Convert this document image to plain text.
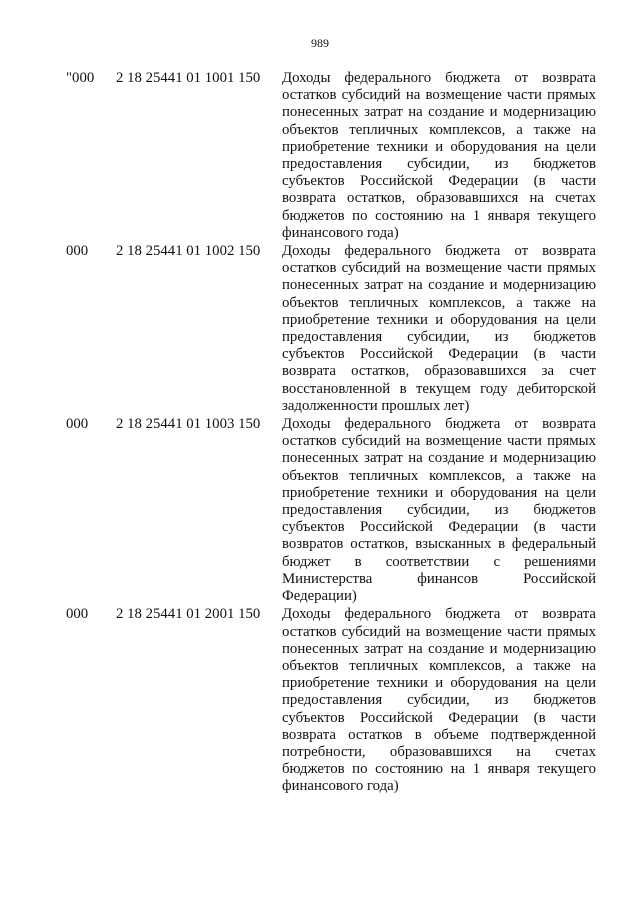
989
"000	2 18 25441 01 1001 150	Доходы федерального бюджета от возврата
остатков субсидий на возмещение части прямых
понесенных затрат на создание и модернизацию
объектов тепличных комплексов, а также на
приобретение техники и оборудования на цели
предоставления субсидии, из бюджетов
субъектов Российской Федерации (в части
возврата остатков, образовавшихся на счетах
бюджетов по состоянию на 1 января текущего
финансового года)
000	2 18 25441 01 1002 150	Доходы федерального бюджета от возврата
остатков субсидий на возмещение части прямых
понесенных затрат на создание и модернизацию
объектов тепличных комплексов, а также на
приобретение техники и оборудования на цели
предоставления субсидии, из бюджетов
субъектов Российской Федерации (в части
возврата остатков, образовавшихся за счет
восстановленной в текущем году дебиторской
задолженности прошлых лет)
000	2 18 25441 01 1003 150	Доходы федерального бюджета от возврата
остатков субсидий на возмещение части прямых
понесенных затрат на создание и модернизацию
объектов тепличных комплексов, а также на
приобретение техники и оборудования на цели
предоставления субсидии, из бюджетов
субъектов Российской Федерации (в части
возвратов остатков, взысканных в федеральный
бюджет в соответствии с решениями
Министерства финансов Российской
Федерации)
000	2 18 25441 01 2001 150	Доходы федерального бюджета от возврата
остатков субсидий на возмещение части прямых
понесенных затрат на создание и модернизацию
объектов тепличных комплексов, а также на
приобретение техники и оборудования на цели
предоставления субсидии, из бюджетов
субъектов Российской Федерации (в части
возврата остатков в объеме подтвержденной
потребности, образовавшихся на счетах
бюджетов по состоянию на 1 января текущего
финансового года)
